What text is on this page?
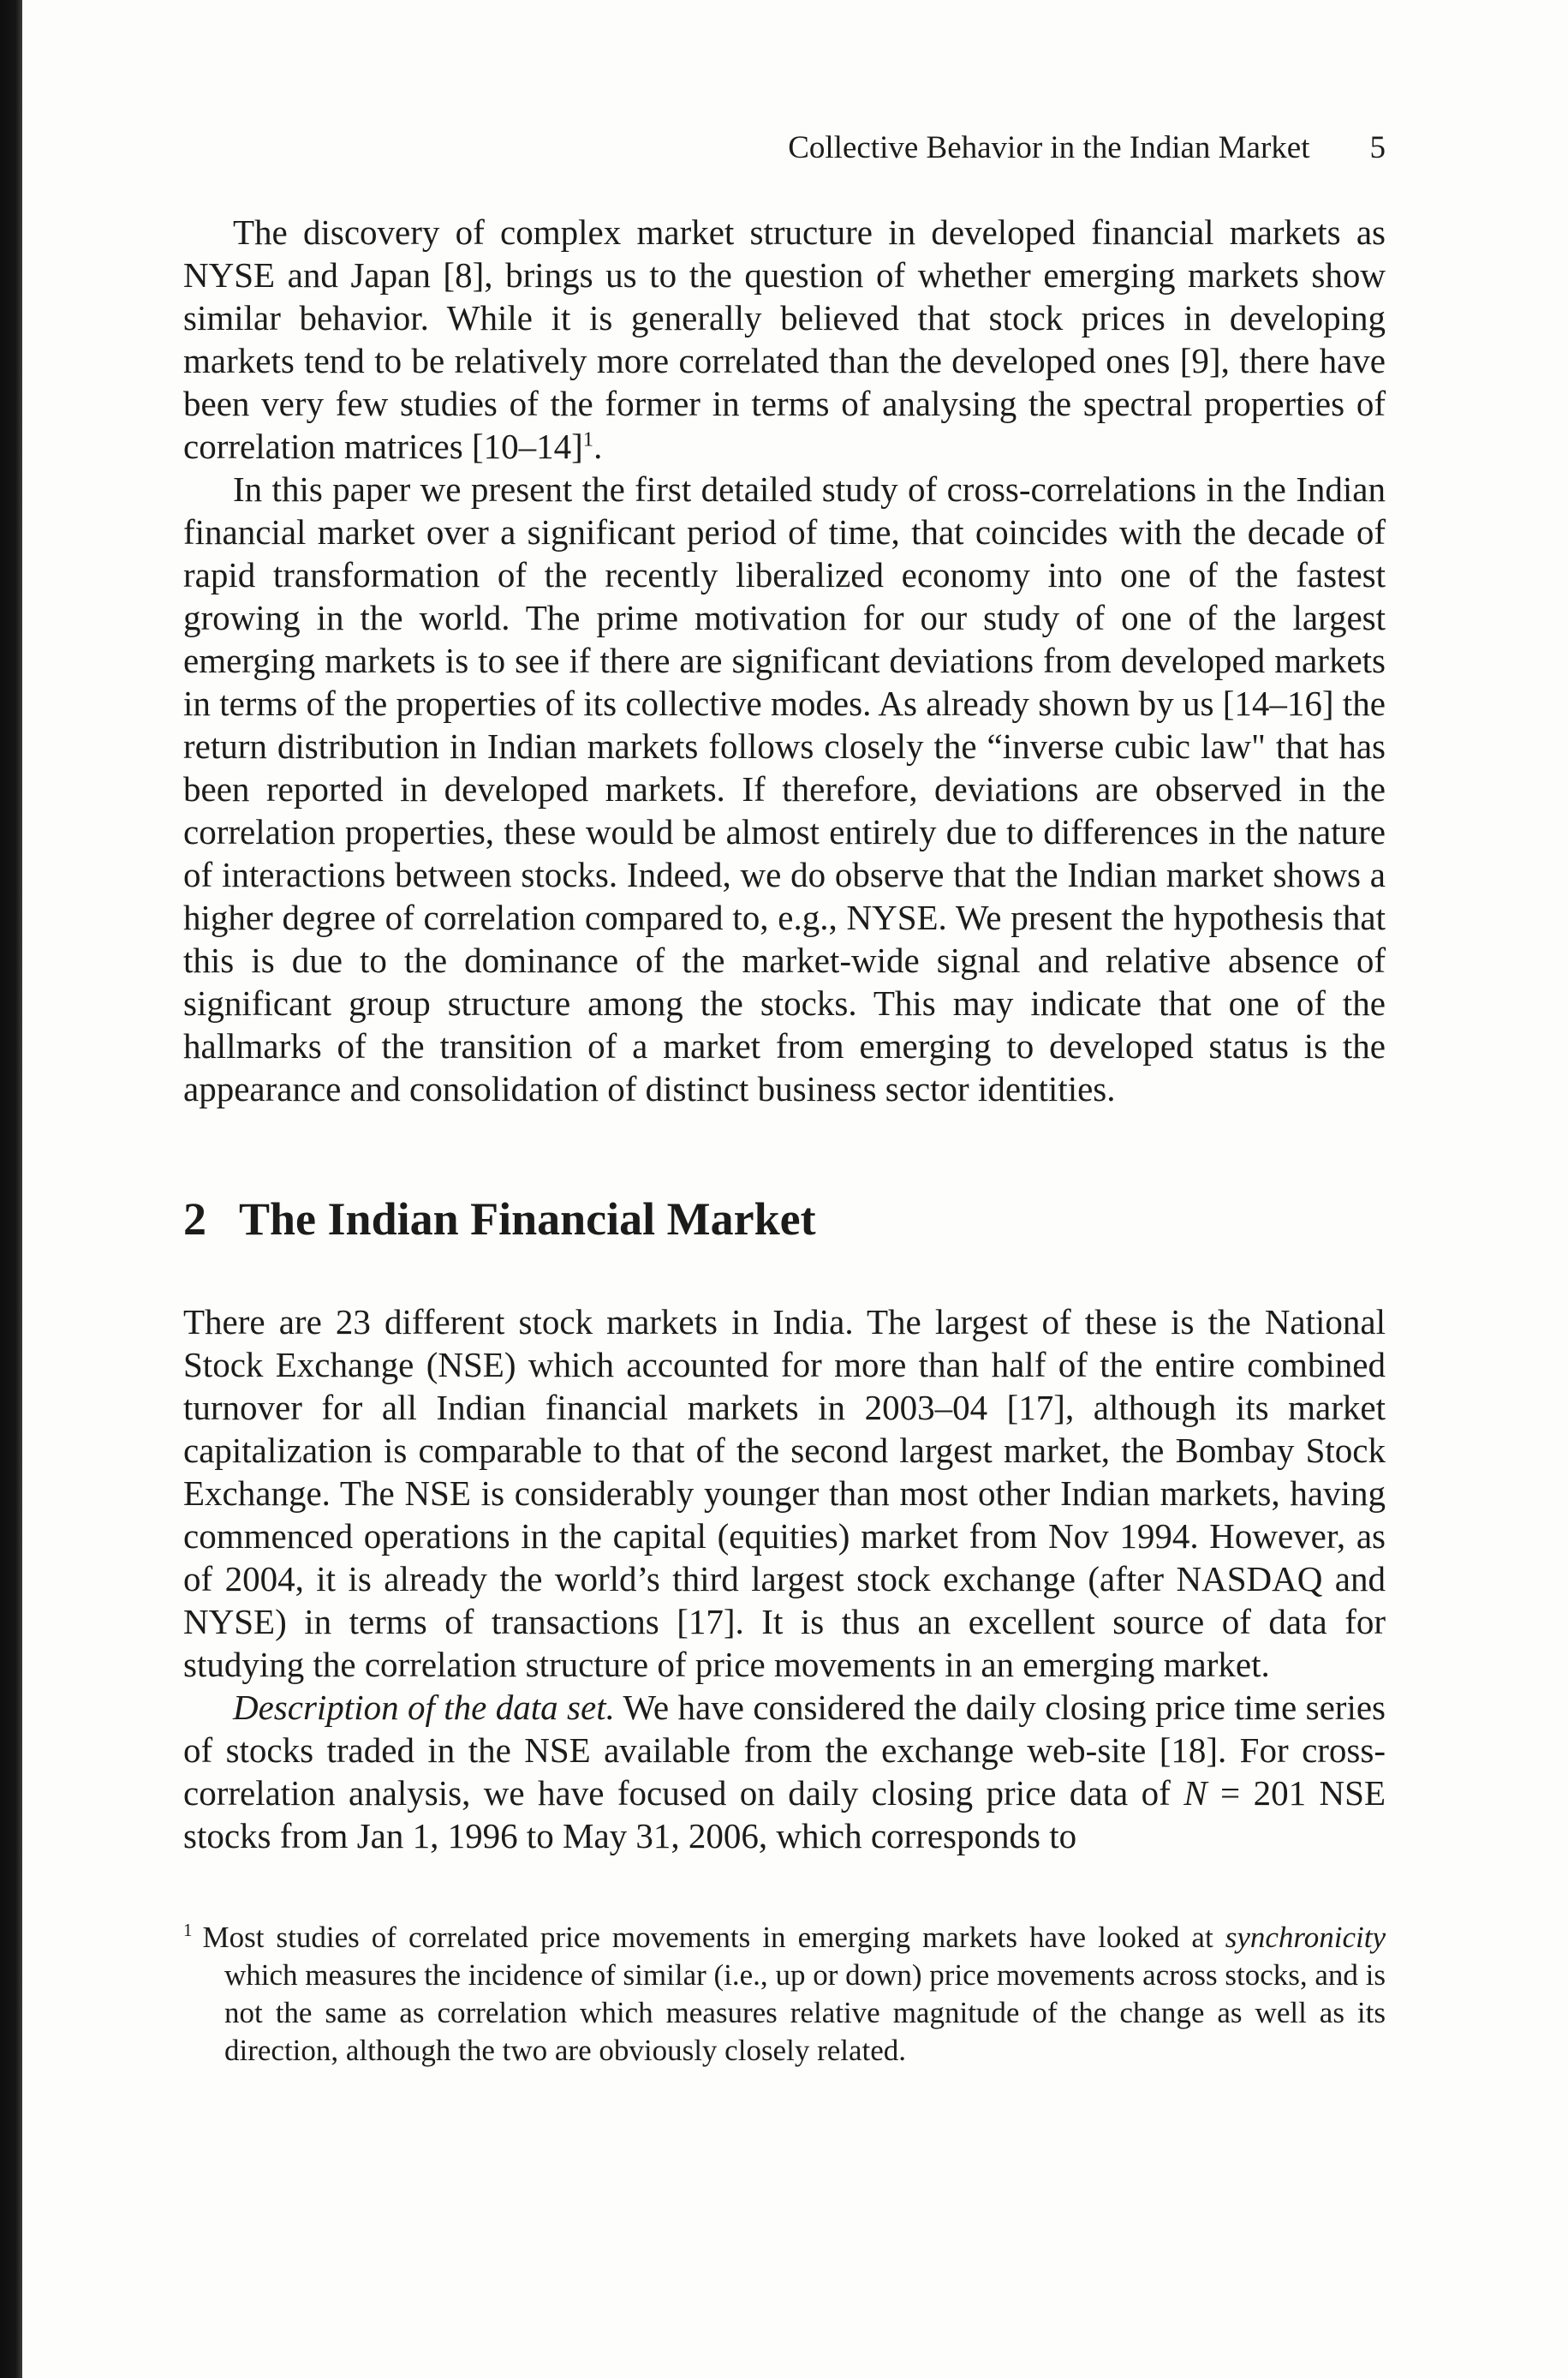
Collective Behavior in the Indian Market 5

The discovery of complex market structure in developed financial markets as NYSE and Japan [8], brings us to the question of whether emerging markets show similar behavior. While it is generally believed that stock prices in developing markets tend to be relatively more correlated than the developed ones [9], there have been very few studies of the former in terms of analysing the spectral properties of correlation matrices $[10-14]^1$.

In this paper we present the first detailed study of cross-correlations in the Indian financial market over a significant period of time, that coincides with the decade of rapid transformation of the recently liberalized economy into one of the fastest growing in the world. The prime motivation for our study of one of the largest emerging markets is to see if there are significant deviations from developed markets in terms of the properties of its collective modes. As already shown by us [14–16] the return distribution in Indian markets follows closely the “inverse cubic law" that has been reported in developed markets. If therefore, deviations are observed in the correlation properties, these would be almost entirely due to differences in the nature of interactions between stocks. Indeed, we do observe that the Indian market shows a higher degree of correlation compared to, e.g., NYSE. We present the hypothesis that this is due to the dominance of the market-wide signal and relative absence of significant group structure among the stocks. This may indicate that one of the hallmarks of the transition of a market from emerging to developed status is the appearance and consolidation of distinct business sector identities.

2 The Indian Financial Market

There are 23 different stock markets in India. The largest of these is the National Stock Exchange (NSE) which accounted for more than half of the entire combined turnover for all Indian financial markets in 2003–04 [17], although its market capitalization is comparable to that of the second largest market, the Bombay Stock Exchange. The NSE is considerably younger than most other Indian markets, having commenced operations in the capital (equities) market from Nov 1994. However, as of 2004, it is already the world’s third largest stock exchange (after NASDAQ and NYSE) in terms of transactions [17]. It is thus an excellent source of data for studying the correlation structure of price movements in an emerging market.

Description of the data set. We have considered the daily closing price time series of stocks traded in the NSE available from the exchange web-site [18]. For cross-correlation analysis, we have focused on daily closing price data of N = 201 NSE stocks from Jan 1, 1996 to May 31, 2006, which corresponds to

$^1$ Most studies of correlated price movements in emerging markets have looked at synchronicity which measures the incidence of similar (i.e., up or down) price movements across stocks, and is not the same as correlation which measures relative magnitude of the change as well as its direction, although the two are obviously closely related.
